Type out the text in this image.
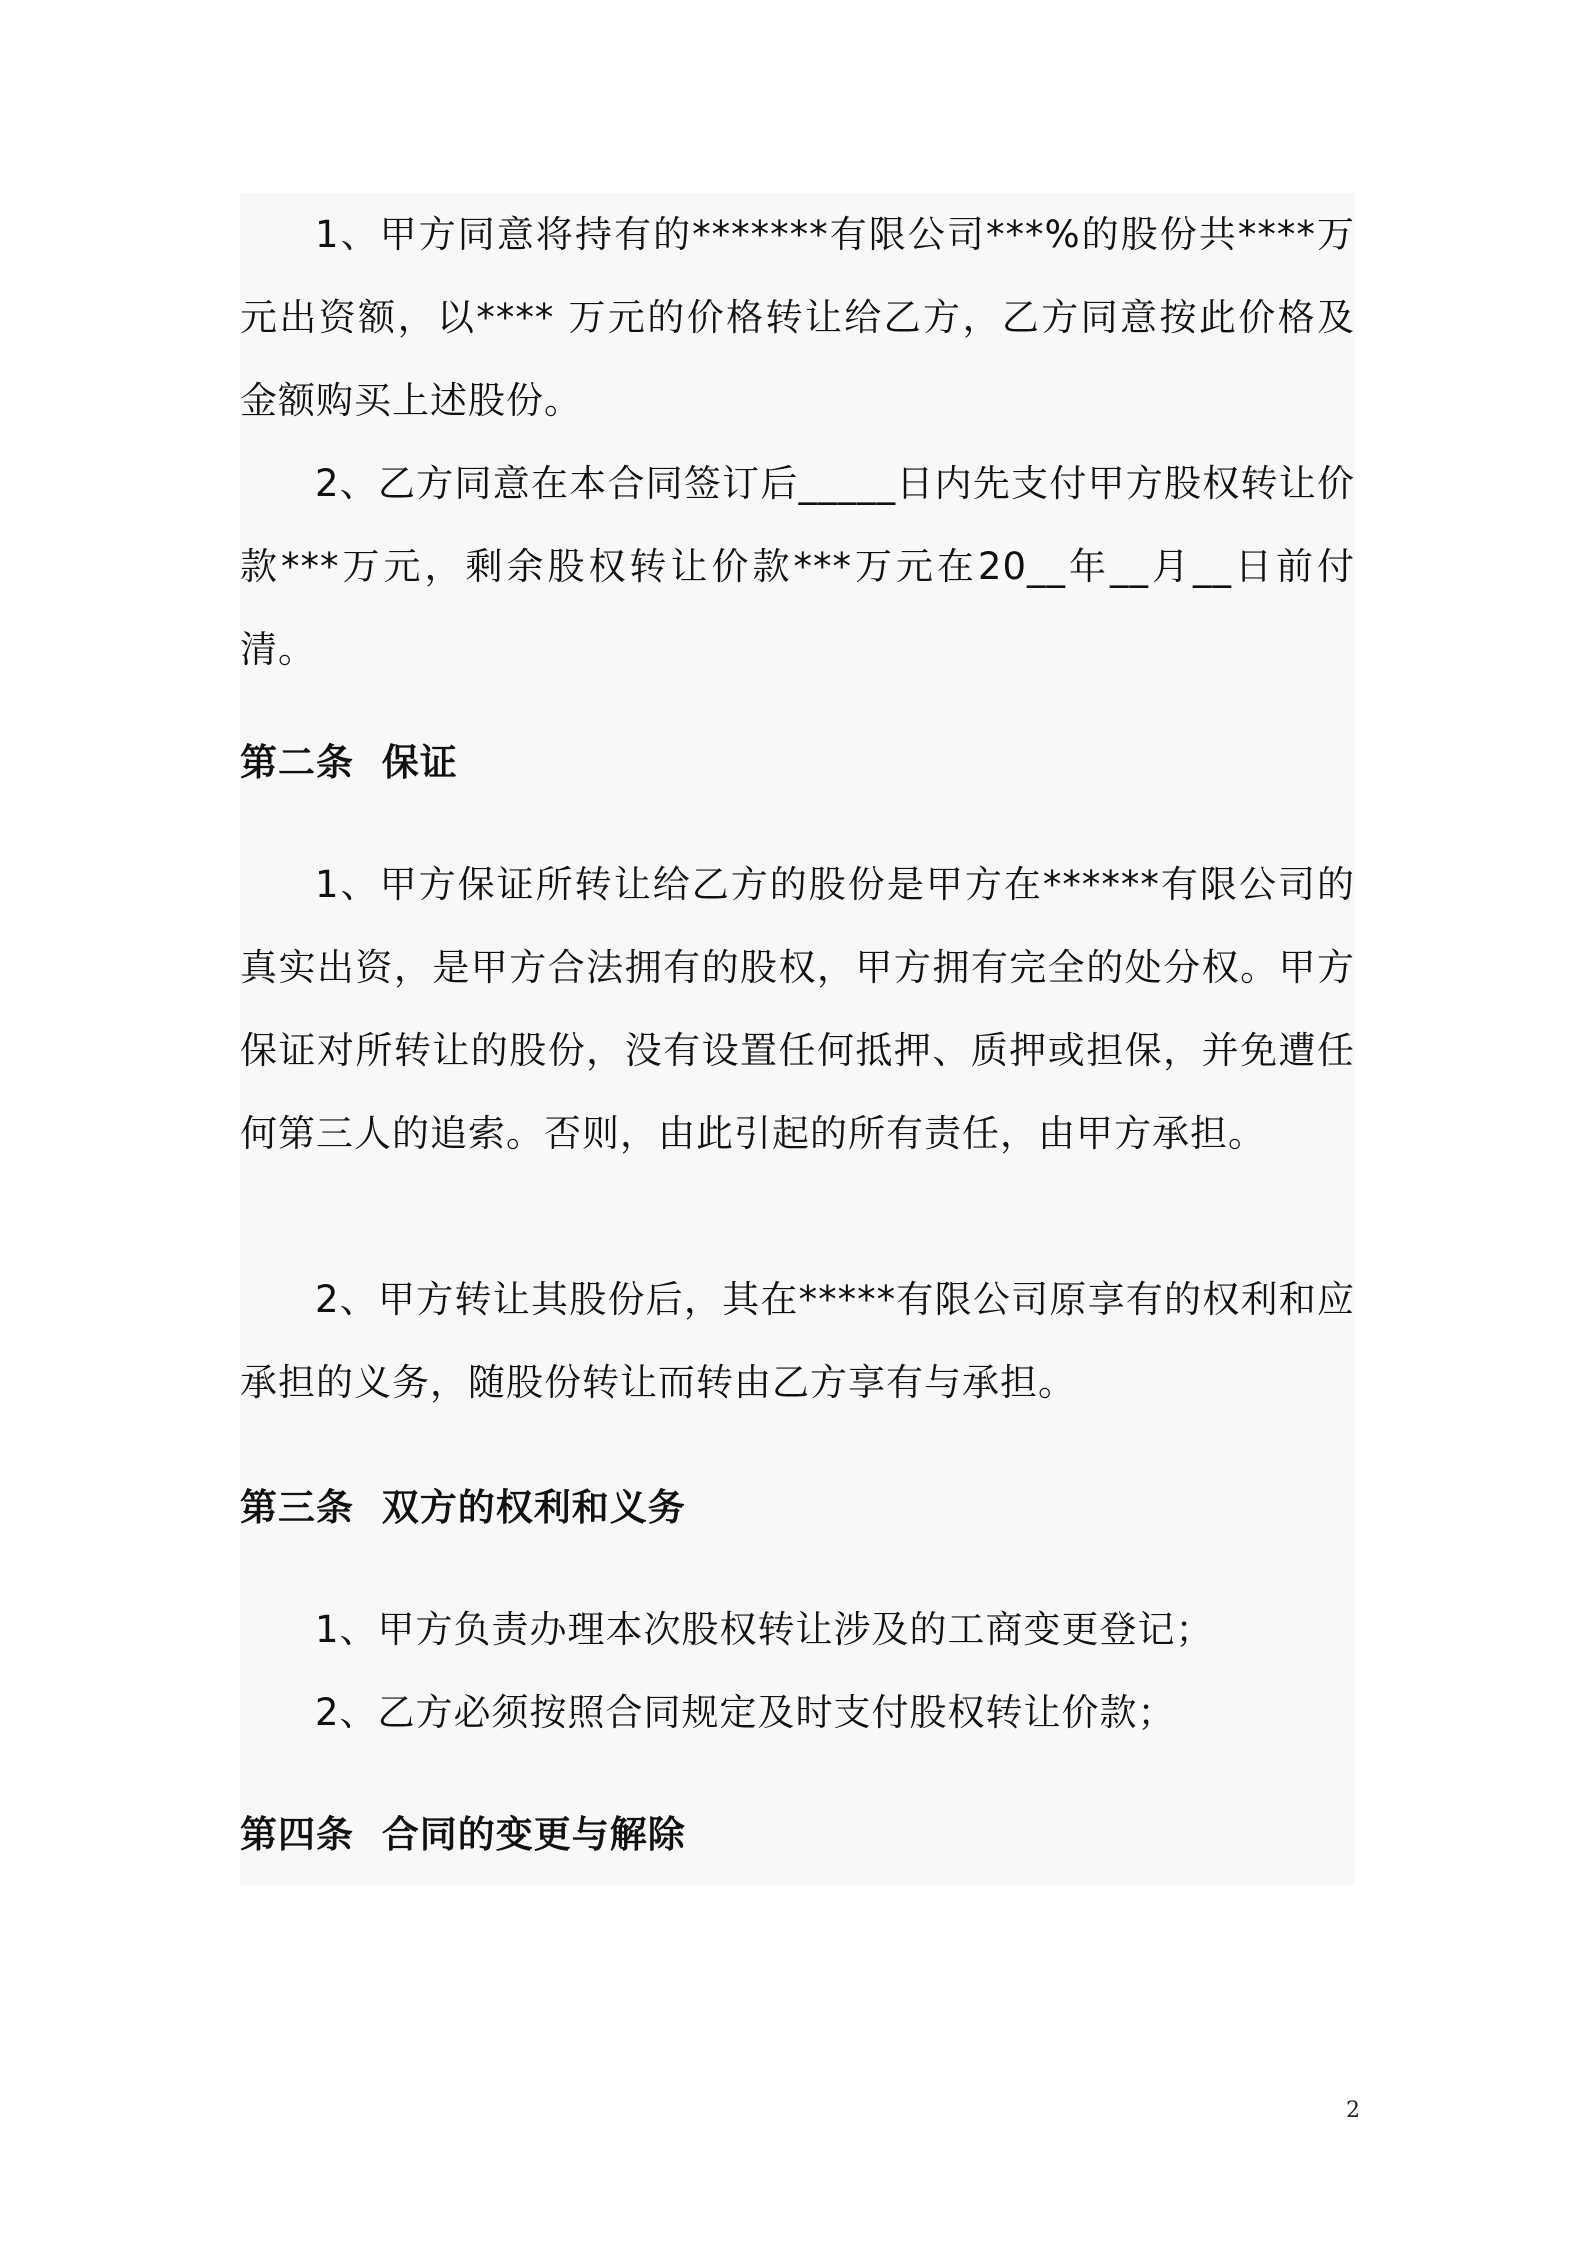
1、甲方同意将持有的*******有限公司***%的股份共****万元出资额，以**** 万元的价格转让给乙方，乙方同意按此价格及金额购买上述股份。

2、乙方同意在本合同签订后_____日内先支付甲方股权转让价款***万元，剩余股权转让价款***万元在20__年__月__日前付清。

第二条  保证

1、甲方保证所转让给乙方的股份是甲方在******有限公司的真实出资，是甲方合法拥有的股权，甲方拥有完全的处分权。甲方保证对所转让的股份，没有设置任何抵押、质押或担保，并免遭任何第三人的追索。否则，由此引起的所有责任，由甲方承担。

2、甲方转让其股份后，其在*****有限公司原享有的权利和应承担的义务，随股份转让而转由乙方享有与承担。

第三条  双方的权利和义务

1、甲方负责办理本次股权转让涉及的工商变更登记；

2、乙方必须按照合同规定及时支付股权转让价款；

第四条  合同的变更与解除

2
